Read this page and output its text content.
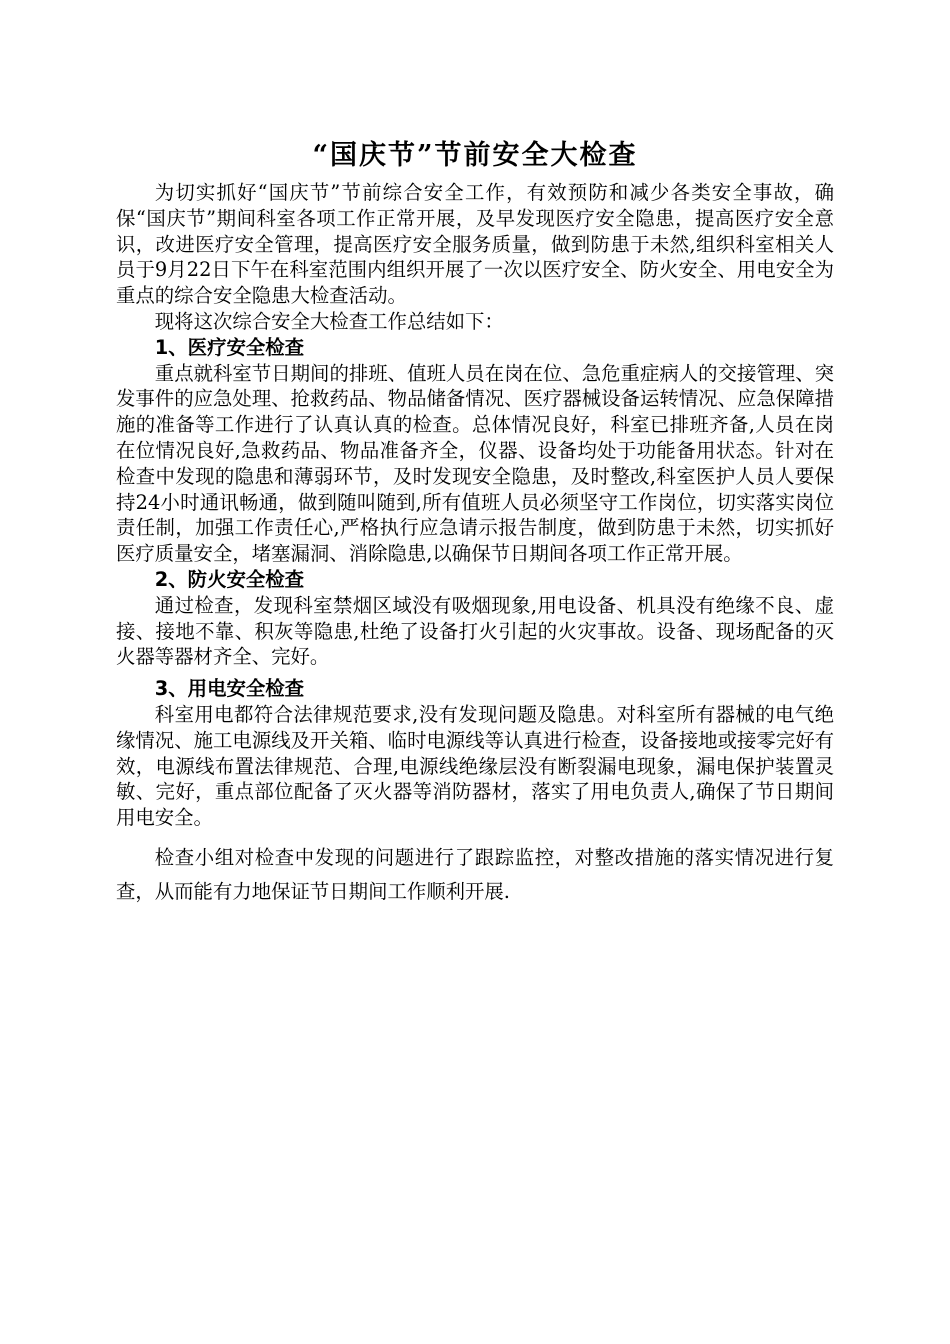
“国庆节”节前安全大检查

为切实抓好“国庆节”节前综合安全工作，有效预防和减少各类安全事故，确保“国庆节”期间科室各项工作正常开展，及早发现医疗安全隐患，提高医疗安全意识，改进医疗安全管理，提高医疗安全服务质量，做到防患于未然,组织科室相关人员于9月22日下午在科室范围内组织开展了一次以医疗安全、防火安全、用电安全为重点的综合安全隐患大检查活动。

现将这次综合安全大检查工作总结如下：

1、医疗安全检查

重点就科室节日期间的排班、值班人员在岗在位、急危重症病人的交接管理、突发事件的应急处理、抢救药品、物品储备情况、医疗器械设备运转情况、应急保障措施的准备等工作进行了认真认真的检查。总体情况良好，科室已排班齐备,人员在岗在位情况良好,急救药品、物品准备齐全，仪器、设备均处于功能备用状态。针对在检查中发现的隐患和薄弱环节，及时发现安全隐患，及时整改,科室医护人员人要保持24小时通讯畅通，做到随叫随到,所有值班人员必须坚守工作岗位，切实落实岗位责任制，加强工作责任心,严格执行应急请示报告制度，做到防患于未然，切实抓好医疗质量安全，堵塞漏洞、消除隐患,以确保节日期间各项工作正常开展。

2、防火安全检查

通过检查，发现科室禁烟区域没有吸烟现象,用电设备、机具没有绝缘不良、虚接、接地不靠、积灰等隐患,杜绝了设备打火引起的火灾事故。设备、现场配备的灭火器等器材齐全、完好。

3、用电安全检查

科室用电都符合法律规范要求,没有发现问题及隐患。对科室所有器械的电气绝缘情况、施工电源线及开关箱、临时电源线等认真进行检查，设备接地或接零完好有效，电源线布置法律规范、合理,电源线绝缘层没有断裂漏电现象，漏电保护装置灵敏、完好，重点部位配备了灭火器等消防器材，落实了用电负责人,确保了节日期间用电安全。

检查小组对检查中发现的问题进行了跟踪监控，对整改措施的落实情况进行复查，从而能有力地保证节日期间工作顺利开展.
